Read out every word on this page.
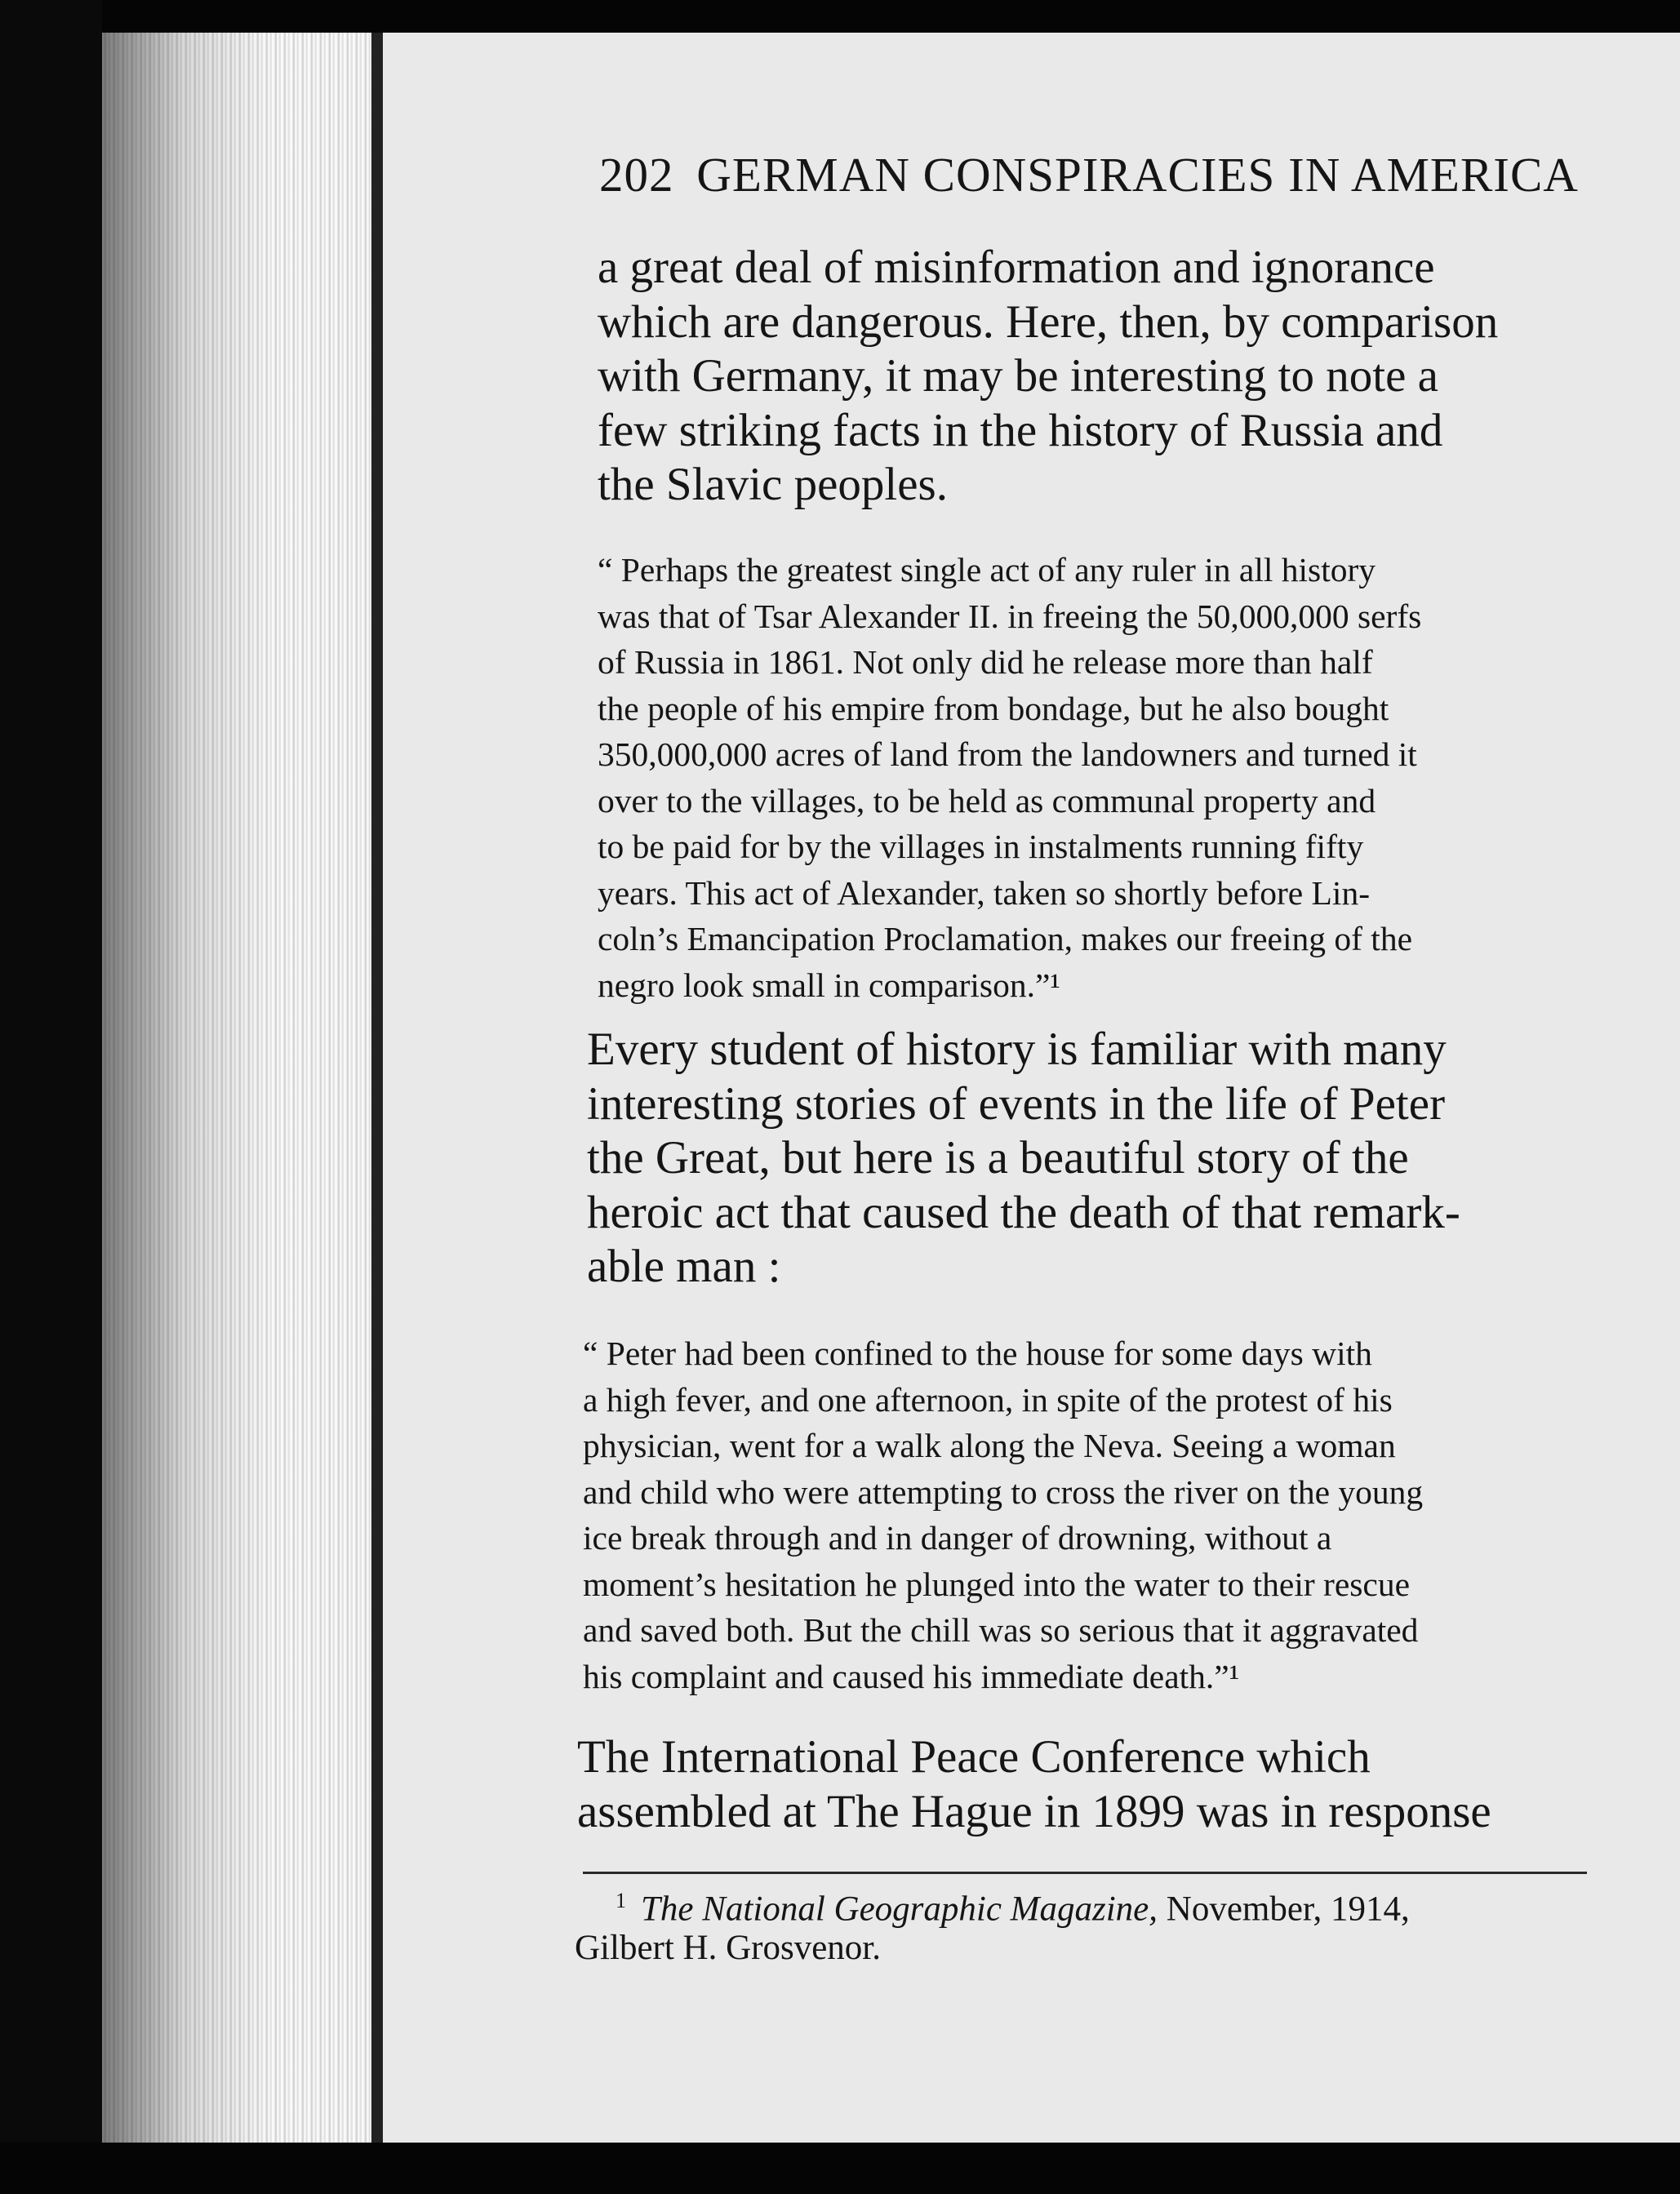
202 GERMAN CONSPIRACIES IN AMERICA
a great deal of misinformation and ignorance
which are dangerous. Here, then, by comparison
with Germany, it may be interesting to note a
few striking facts in the history of Russia and
the Slavic peoples.
“ Perhaps the greatest single act of any ruler in all history
was that of Tsar Alexander II. in freeing the 50,000,000 serfs
of Russia in 1861. Not only did he release more than half
the people of his empire from bondage, but he also bought
350,000,000 acres of land from the landowners and turned it
over to the villages, to be held as communal property and
to be paid for by the villages in instalments running fifty
years. This act of Alexander, taken so shortly before Lin-
coln’s Emancipation Proclamation, makes our freeing of the
negro look small in comparison.”¹
Every student of history is familiar with many
interesting stories of events in the life of Peter
the Great, but here is a beautiful story of the
heroic act that caused the death of that remark-
able man :
“ Peter had been confined to the house for some days with
a high fever, and one afternoon, in spite of the protest of his
physician, went for a walk along the Neva. Seeing a woman
and child who were attempting to cross the river on the young
ice break through and in danger of drowning, without a
moment’s hesitation he plunged into the water to their rescue
and saved both. But the chill was so serious that it aggravated
his complaint and caused his immediate death.”¹
The International Peace Conference which
assembled at The Hague in 1899 was in response
$^1$ The National Geographic Magazine, November, 1914,
Gilbert H. Grosvenor.
